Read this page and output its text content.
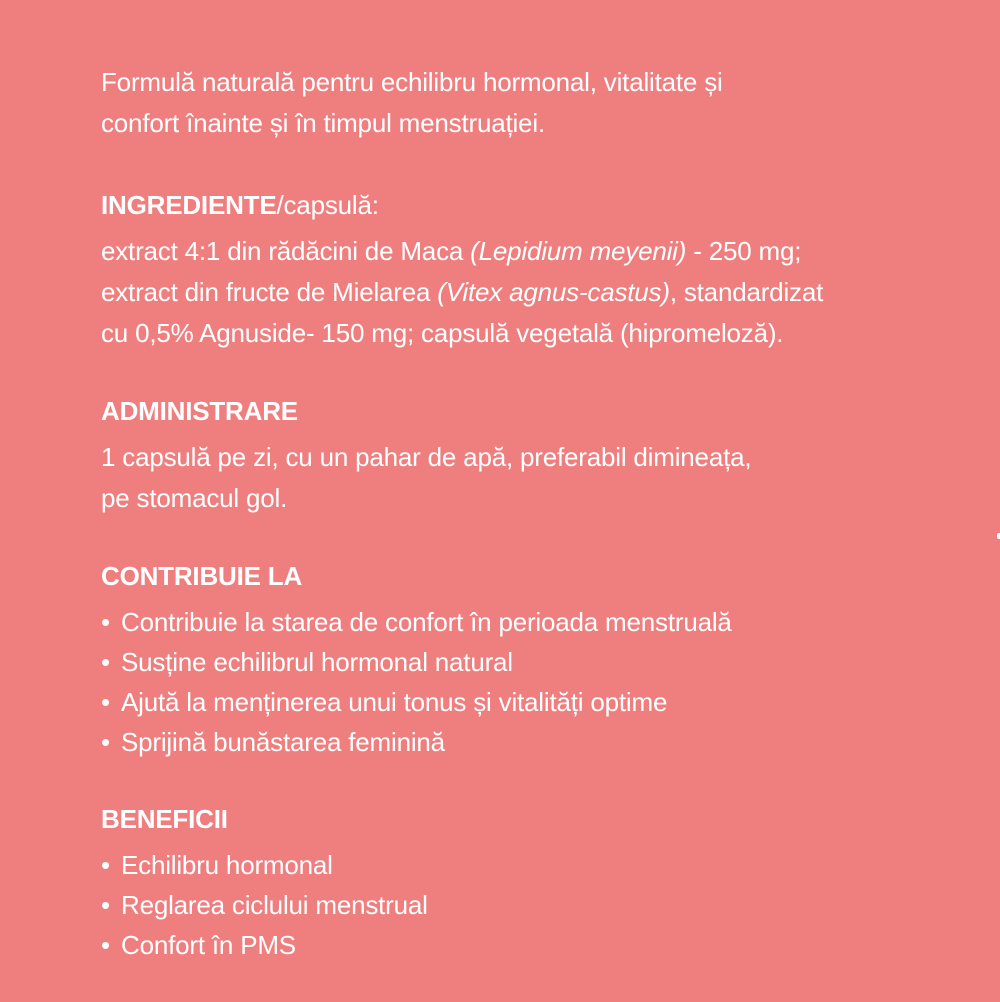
Formulă naturală pentru echilibru hormonal, vitalitate și

confort înainte și în timpul menstruației.

INGREDIENTE/capsulă:

extract 4:1 din rădăcini de Maca (Lepidium meyenii) - 250 mg;

extract din fructe de Mielarea (Vitex agnus-castus), standardizat

cu 0,5% Agnuside- 150 mg; capsulă vegetală (hipromeloză).

ADMINISTRARE

1 capsulă pe zi, cu un pahar de apă, preferabil dimineața,

pe stomacul gol.

CONTRIBUIE LA

• Contribuie la starea de confort în perioada menstruală
• Susține echilibrul hormonal natural
• Ajută la menținerea unui tonus și vitalități optime
• Sprijină bunăstarea feminină

BENEFICII

• Echilibru hormonal
• Reglarea ciclului menstrual
• Confort în PMS
